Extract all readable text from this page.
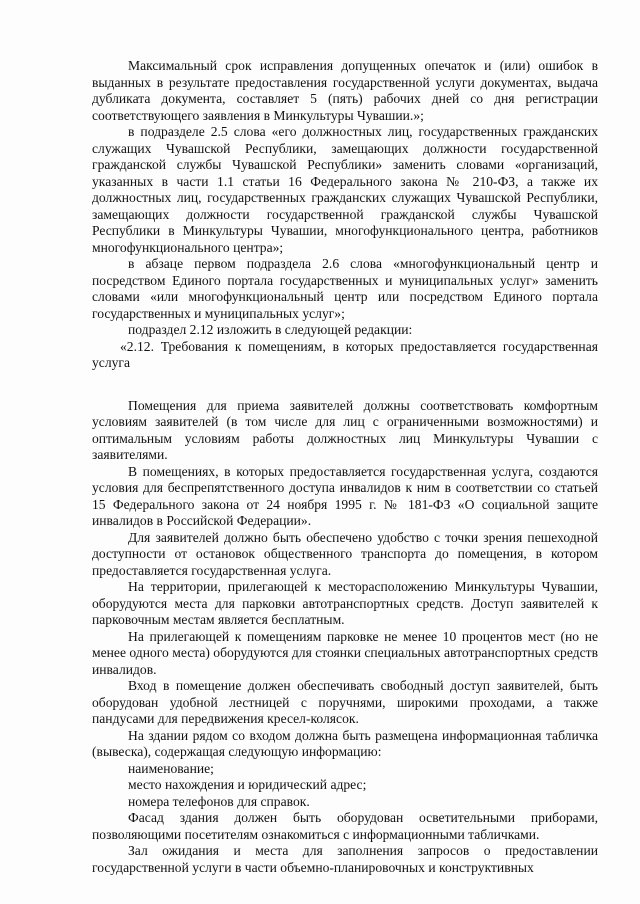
Максимальный срок исправления допущенных опечаток и (или) ошибок в выданных в результате предоставления государственной услуги документах, выдача дубликата документа, составляет 5 (пять) рабочих дней со дня регистрации соответствующего заявления в Минкультуры Чувашии.»;

в подразделе 2.5 слова «его должностных лиц, государственных гражданских служащих Чувашской Республики, замещающих должности государственной гражданской службы Чувашской Республики» заменить словами «организаций, указанных в части 1.1 статьи 16 Федерального закона № 210-ФЗ, а также их должностных лиц, государственных гражданских служащих Чувашской Республики, замещающих должности государственной гражданской службы Чувашской Республики в Минкультуры Чувашии, многофункционального центра, работников многофункционального центра»;

в абзаце первом подраздела 2.6 слова «многофункциональный центр и посредством Единого портала государственных и муниципальных услуг» заменить словами «или многофункциональный центр или посредством Единого портала государственных и муниципальных услуг»;

подраздел 2.12 изложить в следующей редакции:

«2.12. Требования к помещениям, в которых предоставляется государственная услуга

Помещения для приема заявителей должны соответствовать комфортным условиям заявителей (в том числе для лиц с ограниченными возможностями) и оптимальным условиям работы должностных лиц Минкультуры Чувашии с заявителями.

В помещениях, в которых предоставляется государственная услуга, создаются условия для беспрепятственного доступа инвалидов к ним в соответствии со статьей 15 Федерального закона от 24 ноября 1995 г. № 181-ФЗ «О социальной защите инвалидов в Российской Федерации».

Для заявителей должно быть обеспечено удобство с точки зрения пешеходной доступности от остановок общественного транспорта до помещения, в котором предоставляется государственная услуга.

На территории, прилегающей к месторасположению Минкультуры Чувашии, оборудуются места для парковки автотранспортных средств. Доступ заявителей к парковочным местам является бесплатным.

На прилегающей к помещениям парковке не менее 10 процентов мест (но не менее одного места) оборудуются для стоянки специальных автотранспортных средств инвалидов.

Вход в помещение должен обеспечивать свободный доступ заявителей, быть оборудован удобной лестницей с поручнями, широкими проходами, а также пандусами для передвижения кресел-колясок.

На здании рядом со входом должна быть размещена информационная табличка (вывеска), содержащая следующую информацию:

наименование;

место нахождения и юридический адрес;

номера телефонов для справок.

Фасад здания должен быть оборудован осветительными приборами, позволяющими посетителям ознакомиться с информационными табличками.

Зал ожидания и места для заполнения запросов о предоставлении государственной услуги в части объемно-планировочных и конструктивных
